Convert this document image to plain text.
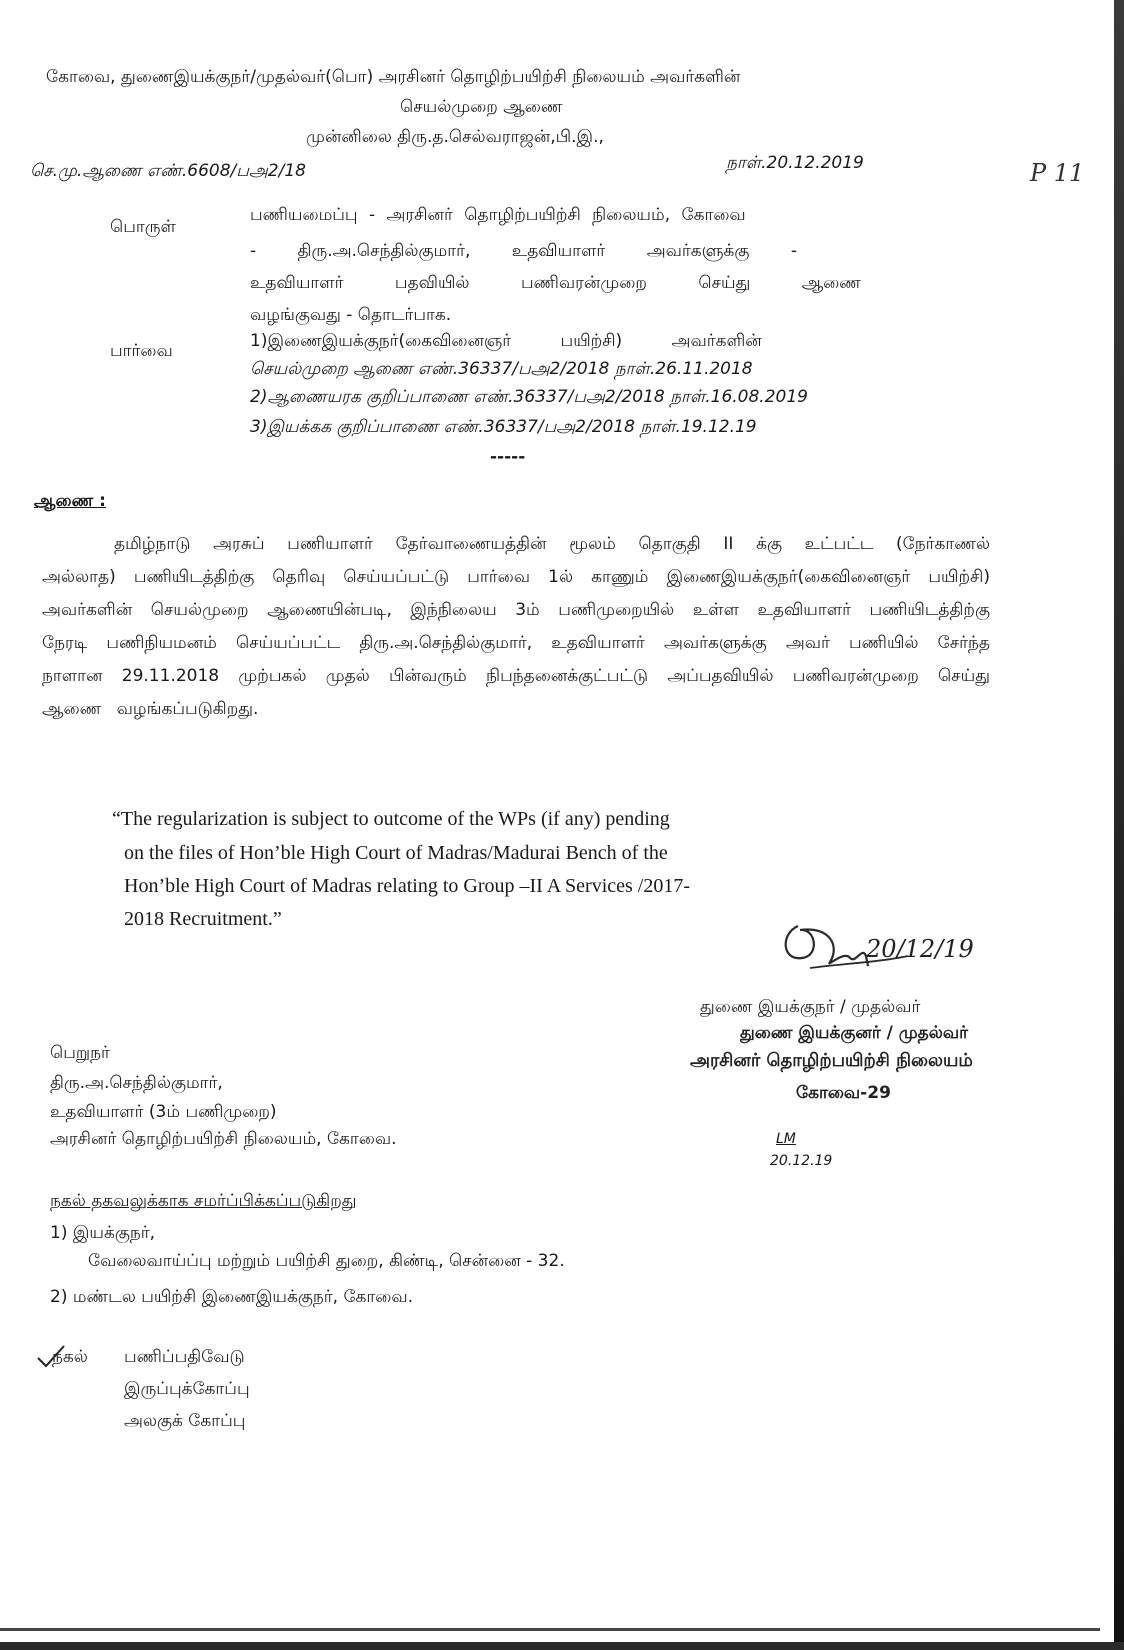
கோவை, துணைஇயக்குநர்/முதல்வர்(பொ) அரசினர் தொழிற்பயிற்சி நிலையம் அவர்களின்
செயல்முறை ஆணை
முன்னிலை திரு.த.செல்வராஜன்,பி.இ.,
செ.மு.ஆணை எண்.6608/பஅ2/18	நாள்.20.12.2019	P 11
பொருள்
பணியமைப்பு - அரசினர் தொழிற்பயிற்சி நிலையம், கோவை
- திரு.அ.செந்தில்குமார், உதவியாளர் அவர்களுக்கு -
உதவியாளர் பதவியில் பணிவரன்முறை செய்து ஆணை
வழங்குவது - தொடர்பாக.
பார்வை	1)இணைஇயக்குநர்(கைவினைஞர் பயிற்சி) அவர்களின்
செயல்முறை ஆணை எண்.36337/பஅ2/2018 நாள்.26.11.2018
2)ஆணையரக குறிப்பாணை எண்.36337/பஅ2/2018 நாள்.16.08.2019
3)இயக்கக குறிப்பாணை எண்.36337/பஅ2/2018 நாள்.19.12.19
-----
ஆணை :
தமிழ்நாடு அரசுப் பணியாளர் தேர்வாணையத்தின் மூலம் தொகுதி II க்கு உட்பட்ட (நேர்காணல் அல்லாத) பணியிடத்திற்கு தெரிவு செய்யப்பட்டு பார்வை 1ல் காணும் இணைஇயக்குநர்(கைவினைஞர் பயிற்சி) அவர்களின் செயல்முறை ஆணையின்படி, இந்நிலைய 3ம் பணிமுறையில் உள்ள உதவியாளர் பணியிடத்திற்கு நேரடி பணிநியமனம் செய்யப்பட்ட திரு.அ.செந்தில்குமார், உதவியாளர் அவர்களுக்கு அவர் பணியில் சேர்ந்த நாளான 29.11.2018 முற்பகல் முதல் பின்வரும் நிபந்தனைக்குட்பட்டு அப்பதவியில் பணிவரன்முறை செய்து ஆணை வழங்கப்படுகிறது.
“The regularization is subject to outcome of the WPs (if any) pending
on the files of Hon’ble High Court of Madras/Madurai Bench of the
Hon’ble High Court of Madras relating to Group –II A Services /2017-
2018 Recruitment.”
20/12/19
துணை இயக்குநர் / முதல்வர்
துணை இயக்குனர் / முதல்வர்
அரசினர் தொழிற்பயிற்சி நிலையம்
கோவை-29
LM
20.12.19
பெறுநர்
திரு.அ.செந்தில்குமார்,
உதவியாளர் (3ம் பணிமுறை)
அரசினர் தொழிற்பயிற்சி நிலையம், கோவை.
நகல் தகவலுக்காக சமர்ப்பிக்கப்படுகிறது
1) இயக்குநர்,
வேலைவாய்ப்பு மற்றும் பயிற்சி துறை, கிண்டி, சென்னை - 32.
2) மண்டல பயிற்சி இணைஇயக்குநர், கோவை.
நகல் பணிப்பதிவேடு
இருப்புக்கோப்பு
அலகுக் கோப்பு
